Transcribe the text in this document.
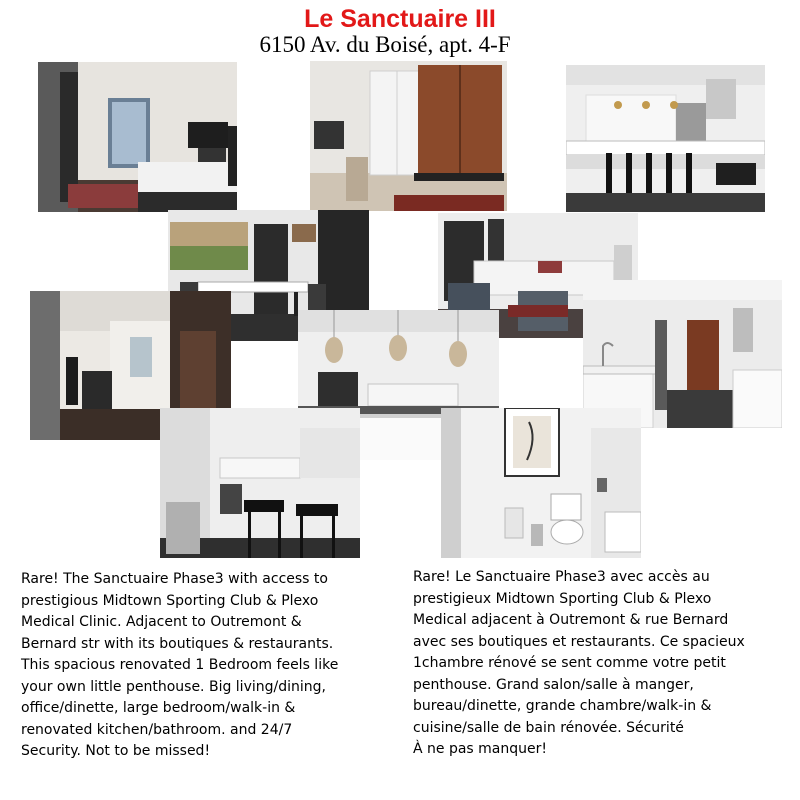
Le Sanctuaire III
6150 Av. du Boisé, apt. 4-F

Rare! The Sanctuaire Phase3 with access to
prestigious Midtown Sporting Club & Plexo
Medical Clinic. Adjacent to Outremont &
Bernard str with its boutiques & restaurants.
This spacious renovated 1 Bedroom feels like
your own little penthouse. Big living/dining,
office/dinette, large bedroom/walk-in &
renovated kitchen/bathroom. and 24/7
Security. Not to be missed!

Rare! Le Sanctuaire Phase3 avec accès au
prestigieux Midtown Sporting Club & Plexo
Medical adjacent à Outremont & rue Bernard
avec ses boutiques et restaurants. Ce spacieux
1chambre rénové se sent comme votre petit
penthouse. Grand salon/salle à manger,
bureau/dinette, grande chambre/walk-in &
cuisine/salle de bain rénovée. Sécurité
À ne pas manquer!
